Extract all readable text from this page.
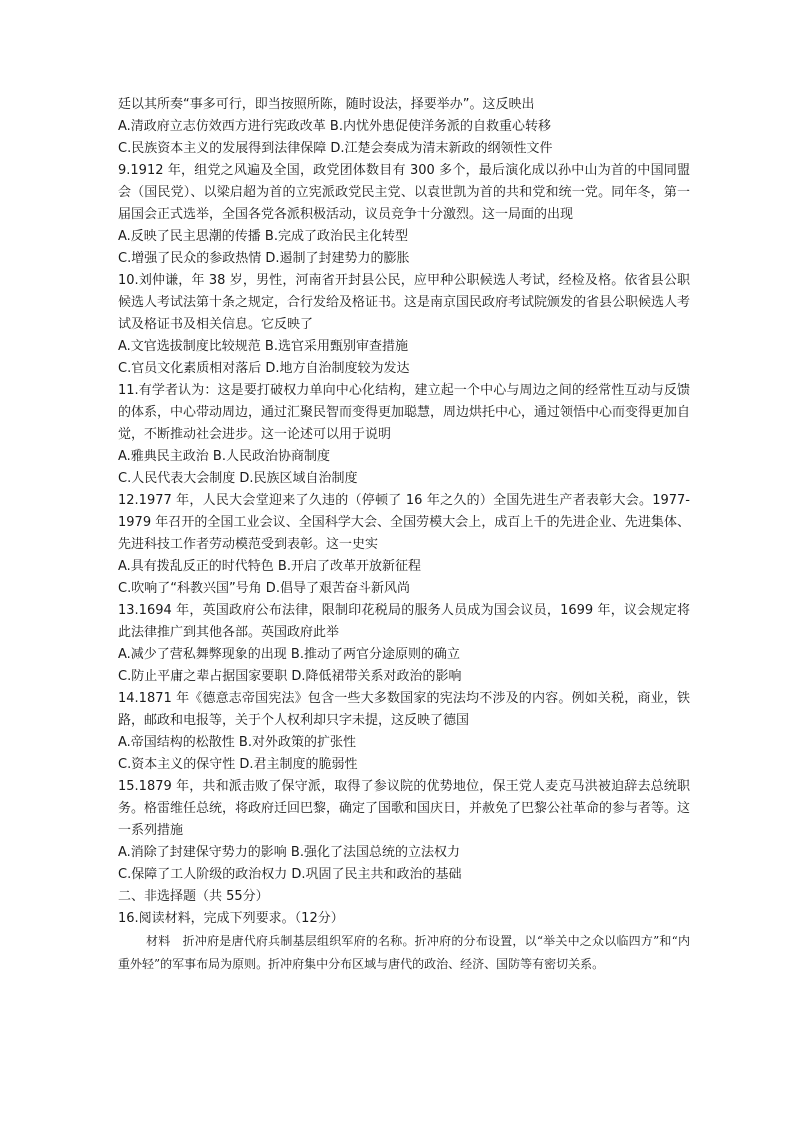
廷以其所奏“事多可行，即当按照所陈，随时设法，择要举办”。这反映出
A.清政府立志仿效西方进行宪政改革 B.内忧外患促使洋务派的自救重心转移
C.民族资本主义的发展得到法律保障 D.江楚会奏成为清末新政的纲领性文件
9.1912 年，组党之风遍及全国，政党团体数目有 300 多个，最后演化成以孙中山为首的中国同盟会（国民党）、以梁启超为首的立宪派政党民主党、以袁世凯为首的共和党和统一党。同年冬，第一届国会正式选举，全国各党各派积极活动，议员竞争十分激烈。这一局面的出现
A.反映了民主思潮的传播 B.完成了政治民主化转型
C.增强了民众的参政热情 D.遏制了封建势力的膨胀
10.刘仲谦，年 38 岁，男性，河南省开封县公民，应甲种公职候选人考试，经检及格。依省县公职候选人考试法第十条之规定，合行发给及格证书。这是南京国民政府考试院颁发的省县公职候选人考试及格证书及相关信息。它反映了
A.文官选拔制度比较规范 B.选官采用甄别审查措施
C.官员文化素质相对落后 D.地方自治制度较为发达
11.有学者认为：这是要打破权力单向中心化结构，建立起一个中心与周边之间的经常性互动与反馈的体系，中心带动周边，通过汇聚民智而变得更加聪慧，周边烘托中心，通过领悟中心而变得更加自觉，不断推动社会进步。这一论述可以用于说明
A.雅典民主政治 B.人民政治协商制度
C.人民代表大会制度 D.民族区域自治制度
12.1977 年，人民大会堂迎来了久违的（停顿了 16 年之久的）全国先进生产者表彰大会。1977-1979 年召开的全国工业会议、全国科学大会、全国劳模大会上，成百上千的先进企业、先进集体、先进科技工作者劳动模范受到表彰。这一史实
A.具有拨乱反正的时代特色 B.开启了改革开放新征程
C.吹响了“科教兴国”号角 D.倡导了艰苦奋斗新风尚
13.1694 年，英国政府公布法律，限制印花税局的服务人员成为国会议员，1699 年，议会规定将此法律推广到其他各部。英国政府此举
A.减少了营私舞弊现象的出现 B.推动了两官分途原则的确立
C.防止平庸之辈占据国家要职 D.降低裙带关系对政治的影响
14.1871 年《德意志帝国宪法》包含一些大多数国家的宪法均不涉及的内容。例如关税，商业，铁路，邮政和电报等，关于个人权利却只字未提，这反映了德国
A.帝国结构的松散性 B.对外政策的扩张性
C.资本主义的保守性 D.君主制度的脆弱性
15.1879 年，共和派击败了保守派，取得了参议院的优势地位，保王党人麦克马洪被迫辞去总统职务。格雷维任总统，将政府迁回巴黎，确定了国歌和国庆日，并赦免了巴黎公社革命的参与者等。这一系列措施
A.消除了封建保守势力的影响 B.强化了法国总统的立法权力
C.保障了工人阶级的政治权力 D.巩固了民主共和政治的基础
二、非选择题（共 55分）
16.阅读材料，完成下列要求。（12分）
材料　折冲府是唐代府兵制基层组织军府的名称。折冲府的分布设置，以“举关中之众以临四方”和“内重外轻”的军事布局为原则。折冲府集中分布区域与唐代的政治、经济、国防等有密切关系。
